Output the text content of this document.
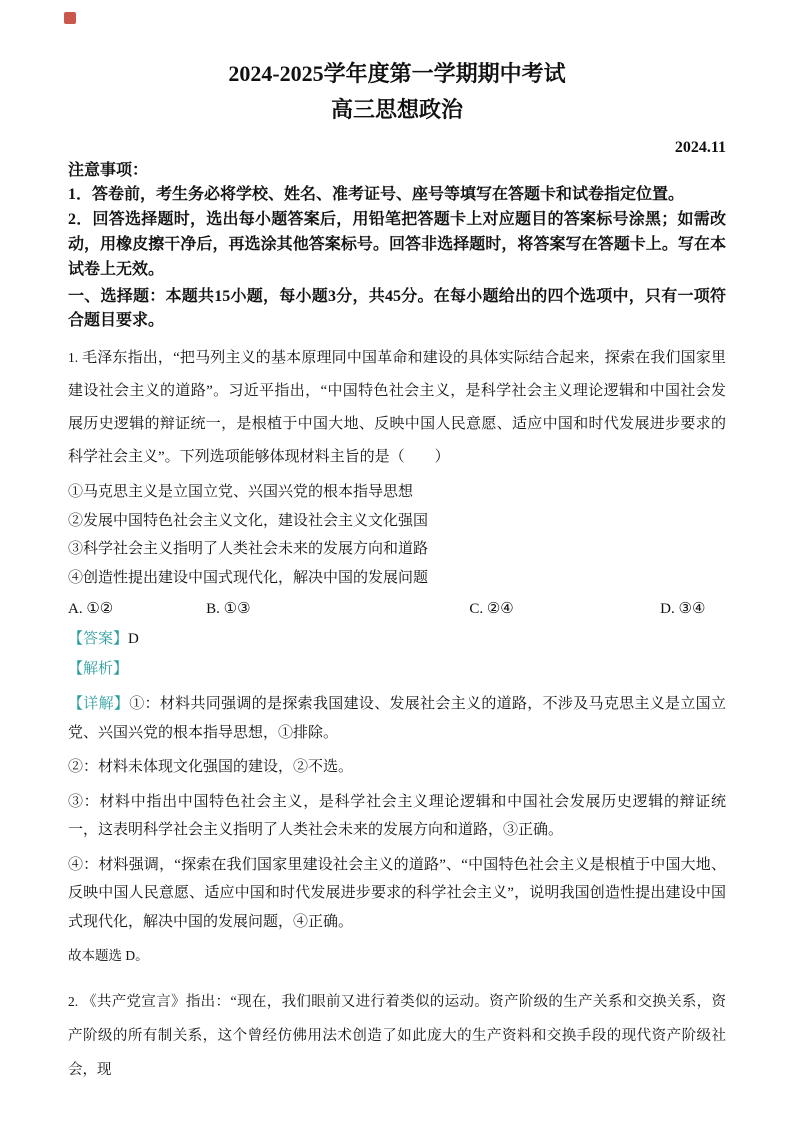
2024-2025学年度第一学期期中考试
高三思想政治
2024.11
注意事项：
1．答卷前，考生务必将学校、姓名、准考证号、座号等填写在答题卡和试卷指定位置。
2．回答选择题时，选出每小题答案后，用铅笔把答题卡上对应题目的答案标号涂黑；如需改动，用橡皮擦干净后，再选涂其他答案标号。回答非选择题时，将答案写在答题卡上。写在本试卷上无效。
一、选择题：本题共15小题，每小题3分，共45分。在每小题给出的四个选项中，只有一项符合题目要求。
1. 毛泽东指出，“把马列主义的基本原理同中国革命和建设的具体实际结合起来，探索在我们国家里建设社会主义的道路”。习近平指出，“中国特色社会主义，是科学社会主义理论逻辑和中国社会发展历史逻辑的辩证统一，是根植于中国大地、反映中国人民意愿、适应中国和时代发展进步要求的科学社会主义”。下列选项能够体现材料主旨的是（　　）
①马克思主义是立国立党、兴国兴党的根本指导思想
②发展中国特色社会主义文化，建设社会主义文化强国
③科学社会主义指明了人类社会未来的发展方向和道路
④创造性提出建设中国式现代化，解决中国的发展问题
A. ①②	B. ①③	C. ②④	D. ③④
【答案】D
【解析】
【详解】①：材料共同强调的是探索我国建设、发展社会主义的道路，不涉及马克思主义是立国立党、兴国兴党的根本指导思想，①排除。
②：材料未体现文化强国的建设，②不选。
③：材料中指出中国特色社会主义，是科学社会主义理论逻辑和中国社会发展历史逻辑的辩证统一，这表明科学社会主义指明了人类社会未来的发展方向和道路，③正确。
④：材料强调，“探索在我们国家里建设社会主义的道路”、“中国特色社会主义是根植于中国大地、反映中国人民意愿、适应中国和时代发展进步要求的科学社会主义”，说明我国创造性提出建设中国式现代化，解决中国的发展问题，④正确。
故本题选 D。
2. 《共产党宣言》指出：“现在，我们眼前又进行着类似的运动。资产阶级的生产关系和交换关系，资产阶级的所有制关系，这个曾经仿佛用法术创造了如此庞大的生产资料和交换手段的现代资产阶级社会，现
